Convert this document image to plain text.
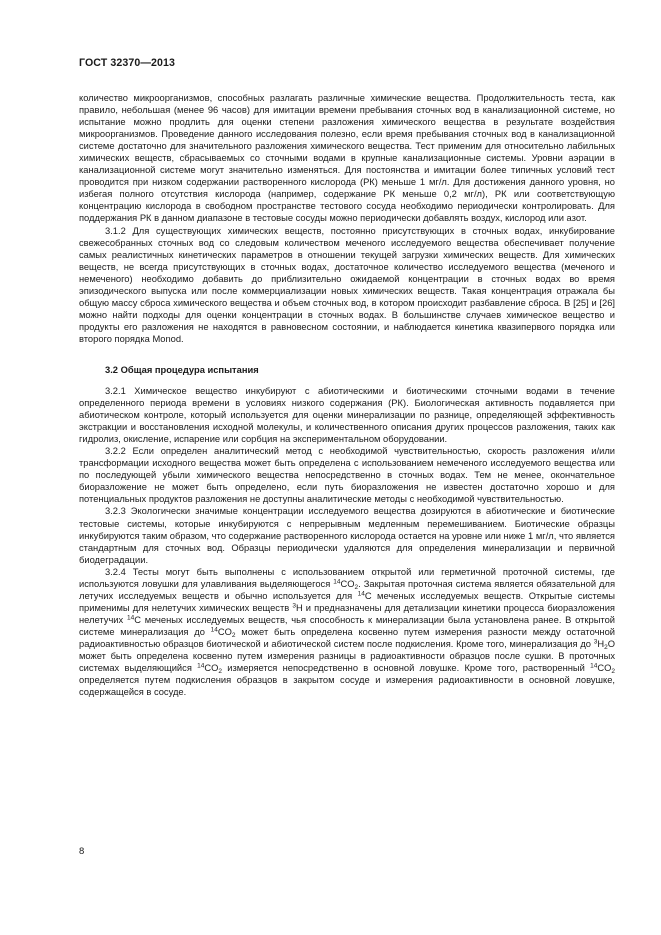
ГОСТ 32370—2013

количество микроорганизмов, способных разлагать различные химические вещества. Продолжительность теста, как правило, небольшая (менее 96 часов) для имитации времени пребывания сточных вод в канализационной системе, но испытание можно продлить для оценки степени разложения химического вещества в результате воздействия микроорганизмов. Проведение данного исследования полезно, если время пребывания сточных вод в канализационной системе достаточно для значительного разложения химического вещества. Тест применим для относительно лабильных химических веществ, сбрасываемых со сточными водами в крупные канализационные системы. Уровни аэрации в канализационной системе могут значительно изменяться. Для постоянства и имитации более типичных условий тест проводится при низком содержании растворенного кислорода (РК) меньше 1 мг/л. Для достижения данного уровня, но избегая полного отсутствия кислорода (например, содержание РК меньше 0,2 мг/л), РК или соответствующую концентрацию кислорода в свободном пространстве тестового сосуда необходимо периодически контролировать. Для поддержания РК в данном диапазоне в тестовые сосуды можно периодически добавлять воздух, кислород или азот.

3.1.2 Для существующих химических веществ, постоянно присутствующих в сточных водах, инкубирование свежесобранных сточных вод со следовым количеством меченого исследуемого вещества обеспечивает получение самых реалистичных кинетических параметров в отношении текущей загрузки химических веществ. Для химических веществ, не всегда присутствующих в сточных водах, достаточное количество исследуемого вещества (меченого и немеченого) необходимо добавить до приблизительно ожидаемой концентрации в сточных водах во время эпизодического выпуска или после коммерциализации новых химических веществ. Такая концентрация отражала бы общую массу сброса химического вещества и объем сточных вод, в котором происходит разбавление сброса. В [25] и [26] можно найти подходы для оценки концентрации в сточных водах. В большинстве случаев химическое вещество и продукты его разложения не находятся в равновесном состоянии, и наблюдается кинетика квазипервого порядка или второго порядка Monod.

3.2 Общая процедура испытания

3.2.1 Химическое вещество инкубируют с абиотическими и биотическими сточными водами в течение определенного периода времени в условиях низкого содержания (РК). Биологическая активность подавляется при абиотическом контроле, который используется для оценки минерализации по разнице, определяющей эффективность экстракции и восстановления исходной молекулы, и количественного описания других процессов разложения, таких как гидролиз, окисление, испарение или сорбция на экспериментальном оборудовании.

3.2.2 Если определен аналитический метод с необходимой чувствительностью, скорость разложения и/или трансформации исходного вещества может быть определена с использованием немеченого исследуемого вещества или по последующей убыли химического вещества непосредственно в сточных водах. Тем не менее, окончательное биоразложение не может быть определено, если путь биоразложения не известен достаточно хорошо и для потенциальных продуктов разложения не доступны аналитические методы с необходимой чувствительностью.

3.2.3 Экологически значимые концентрации исследуемого вещества дозируются в абиотические и биотические тестовые системы, которые инкубируются с непрерывным медленным перемешиванием. Биотические образцы инкубируются таким образом, что содержание растворенного кислорода остается на уровне или ниже 1 мг/л, что является стандартным для сточных вод. Образцы периодически удаляются для определения минерализации и первичной биодеградации.

3.2.4 Тесты могут быть выполнены с использованием открытой или герметичной проточной системы, где используются ловушки для улавливания выделяющегося $^{14}CO_2$. Закрытая проточная система является обязательной для летучих исследуемых веществ и обычно используется для $^{14}$C меченых исследуемых веществ. Открытые системы применимы для нелетучих химических веществ $^3$H и предназначены для детализации кинетики процесса биоразложения нелетучих $^{14}$C меченых исследуемых веществ, чья способность к минерализации была установлена ранее. В открытой системе минерализация до $^{14}CO_2$ может быть определена косвенно путем измерения разности между остаточной радиоактивностью образцов биотической и абиотической систем после подкисления. Кроме того, минерализация до $^3H_2O$ может быть определена косвенно путем измерения разницы в радиоактивности образцов после сушки. В проточных системах выделяющийся $^{14}CO_2$ измеряется непосредственно в основной ловушке. Кроме того, растворенный $^{14}CO_2$ определяется путем подкисления образцов в закрытом сосуде и измерения радиоактивности в основной ловушке, содержащейся в сосуде.

8
